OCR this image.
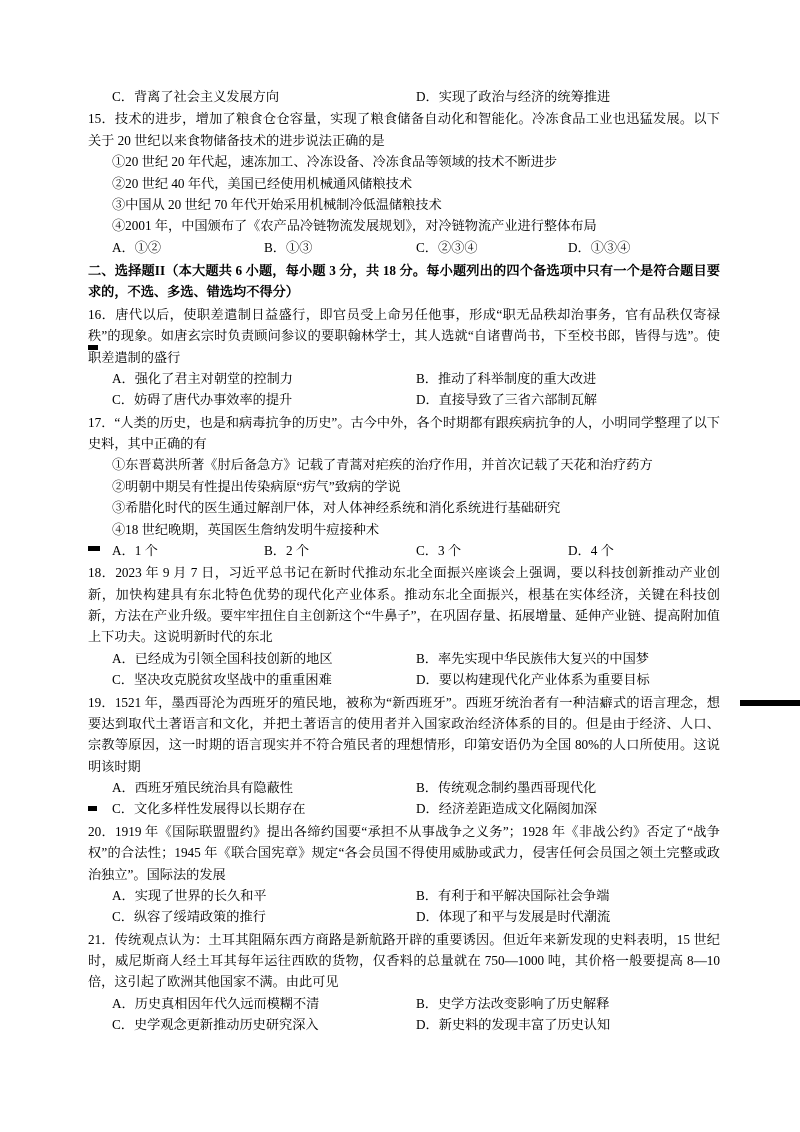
C．背离了社会主义发展方向	D．实现了政治与经济的统筹推进
15．技术的进步，增加了粮食仓仓容量，实现了粮食储备自动化和智能化。冷冻食品工业也迅猛发展。以下关于 20 世纪以来食物储备技术的进步说法正确的是
①20 世纪 20 年代起，速冻加工、冷冻设备、冷冻食品等领域的技术不断进步
②20 世纪 40 年代，美国已经使用机械通风储粮技术
③中国从 20 世纪 70 年代开始采用机械制冷低温储粮技术
④2001 年，中国颁布了《农产品冷链物流发展规划》，对冷链物流产业进行整体布局
A．①②	B．①③	C．②③④	D．①③④
二、选择题II（本大题共 6 小题，每小题 3 分，共 18 分。每小题列出的四个备选项中只有一个是符合题目要求的，不选、多选、错选均不得分）
16．唐代以后，使职差遣制日益盛行，即官员受上命另任他事，形成“职无品秩却治事务，官有品秩仅寄禄秩”的现象。如唐玄宗时负责顾问参议的要职翰林学士，其人选就“自诸曹尚书，下至校书郎，皆得与选”。使职差遣制的盛行
A．强化了君主对朝堂的控制力	B．推动了科举制度的重大改进
C．妨碍了唐代办事效率的提升	D．直接导致了三省六部制瓦解
17．“人类的历史，也是和病毒抗争的历史”。古今中外，各个时期都有跟疾病抗争的人，小明同学整理了以下史料，其中正确的有
①东晋葛洪所著《肘后备急方》记载了青蒿对疟疾的治疗作用，并首次记载了天花和治疗药方
②明朝中期吴有性提出传染病原“疠气”致病的学说
③希腊化时代的医生通过解剖尸体，对人体神经系统和消化系统进行基础研究
④18 世纪晚期，英国医生詹纳发明牛痘接种术
A．1 个	B．2 个	C．3 个	D．4 个
18．2023 年 9 月 7 日，习近平总书记在新时代推动东北全面振兴座谈会上强调，要以科技创新推动产业创新，加快构建具有东北特色优势的现代化产业体系。推动东北全面振兴，根基在实体经济，关键在科技创新，方法在产业升级。要牢牢扭住自主创新这个“牛鼻子”，在巩固存量、拓展增量、延伸产业链、提高附加值上下功夫。这说明新时代的东北
A．已经成为引领全国科技创新的地区	B．率先实现中华民族伟大复兴的中国梦
C．坚决攻克脱贫攻坚战中的重重困难	D．要以构建现代化产业体系为重要目标
19．1521 年，墨西哥沦为西班牙的殖民地，被称为“新西班牙”。西班牙统治者有一种洁癖式的语言理念，想要达到取代土著语言和文化，并把土著语言的使用者并入国家政治经济体系的目的。但是由于经济、人口、宗教等原因，这一时期的语言现实并不符合殖民者的理想情形，印第安语仍为全国 80%的人口所使用。这说明该时期
A．西班牙殖民统治具有隐蔽性	B．传统观念制约墨西哥现代化
C．文化多样性发展得以长期存在	D．经济差距造成文化隔阂加深
20．1919 年《国际联盟盟约》提出各缔约国要“承担不从事战争之义务”；1928 年《非战公约》否定了“战争权”的合法性；1945 年《联合国宪章》规定“各会员国不得使用威胁或武力，侵害任何会员国之领土完整或政治独立”。国际法的发展
A．实现了世界的长久和平	B．有利于和平解决国际社会争端
C．纵容了绥靖政策的推行	D．体现了和平与发展是时代潮流
21．传统观点认为：土耳其阻隔东西方商路是新航路开辟的重要诱因。但近年来新发现的史料表明，15 世纪时，威尼斯商人经土耳其每年运往西欧的货物，仅香料的总量就在 750—1000 吨，其价格一般要提高 8—10 倍，这引起了欧洲其他国家不满。由此可见
A．历史真相因年代久远而模糊不清	B．史学方法改变影响了历史解释
C．史学观念更新推动历史研究深入	D．新史料的发现丰富了历史认知
